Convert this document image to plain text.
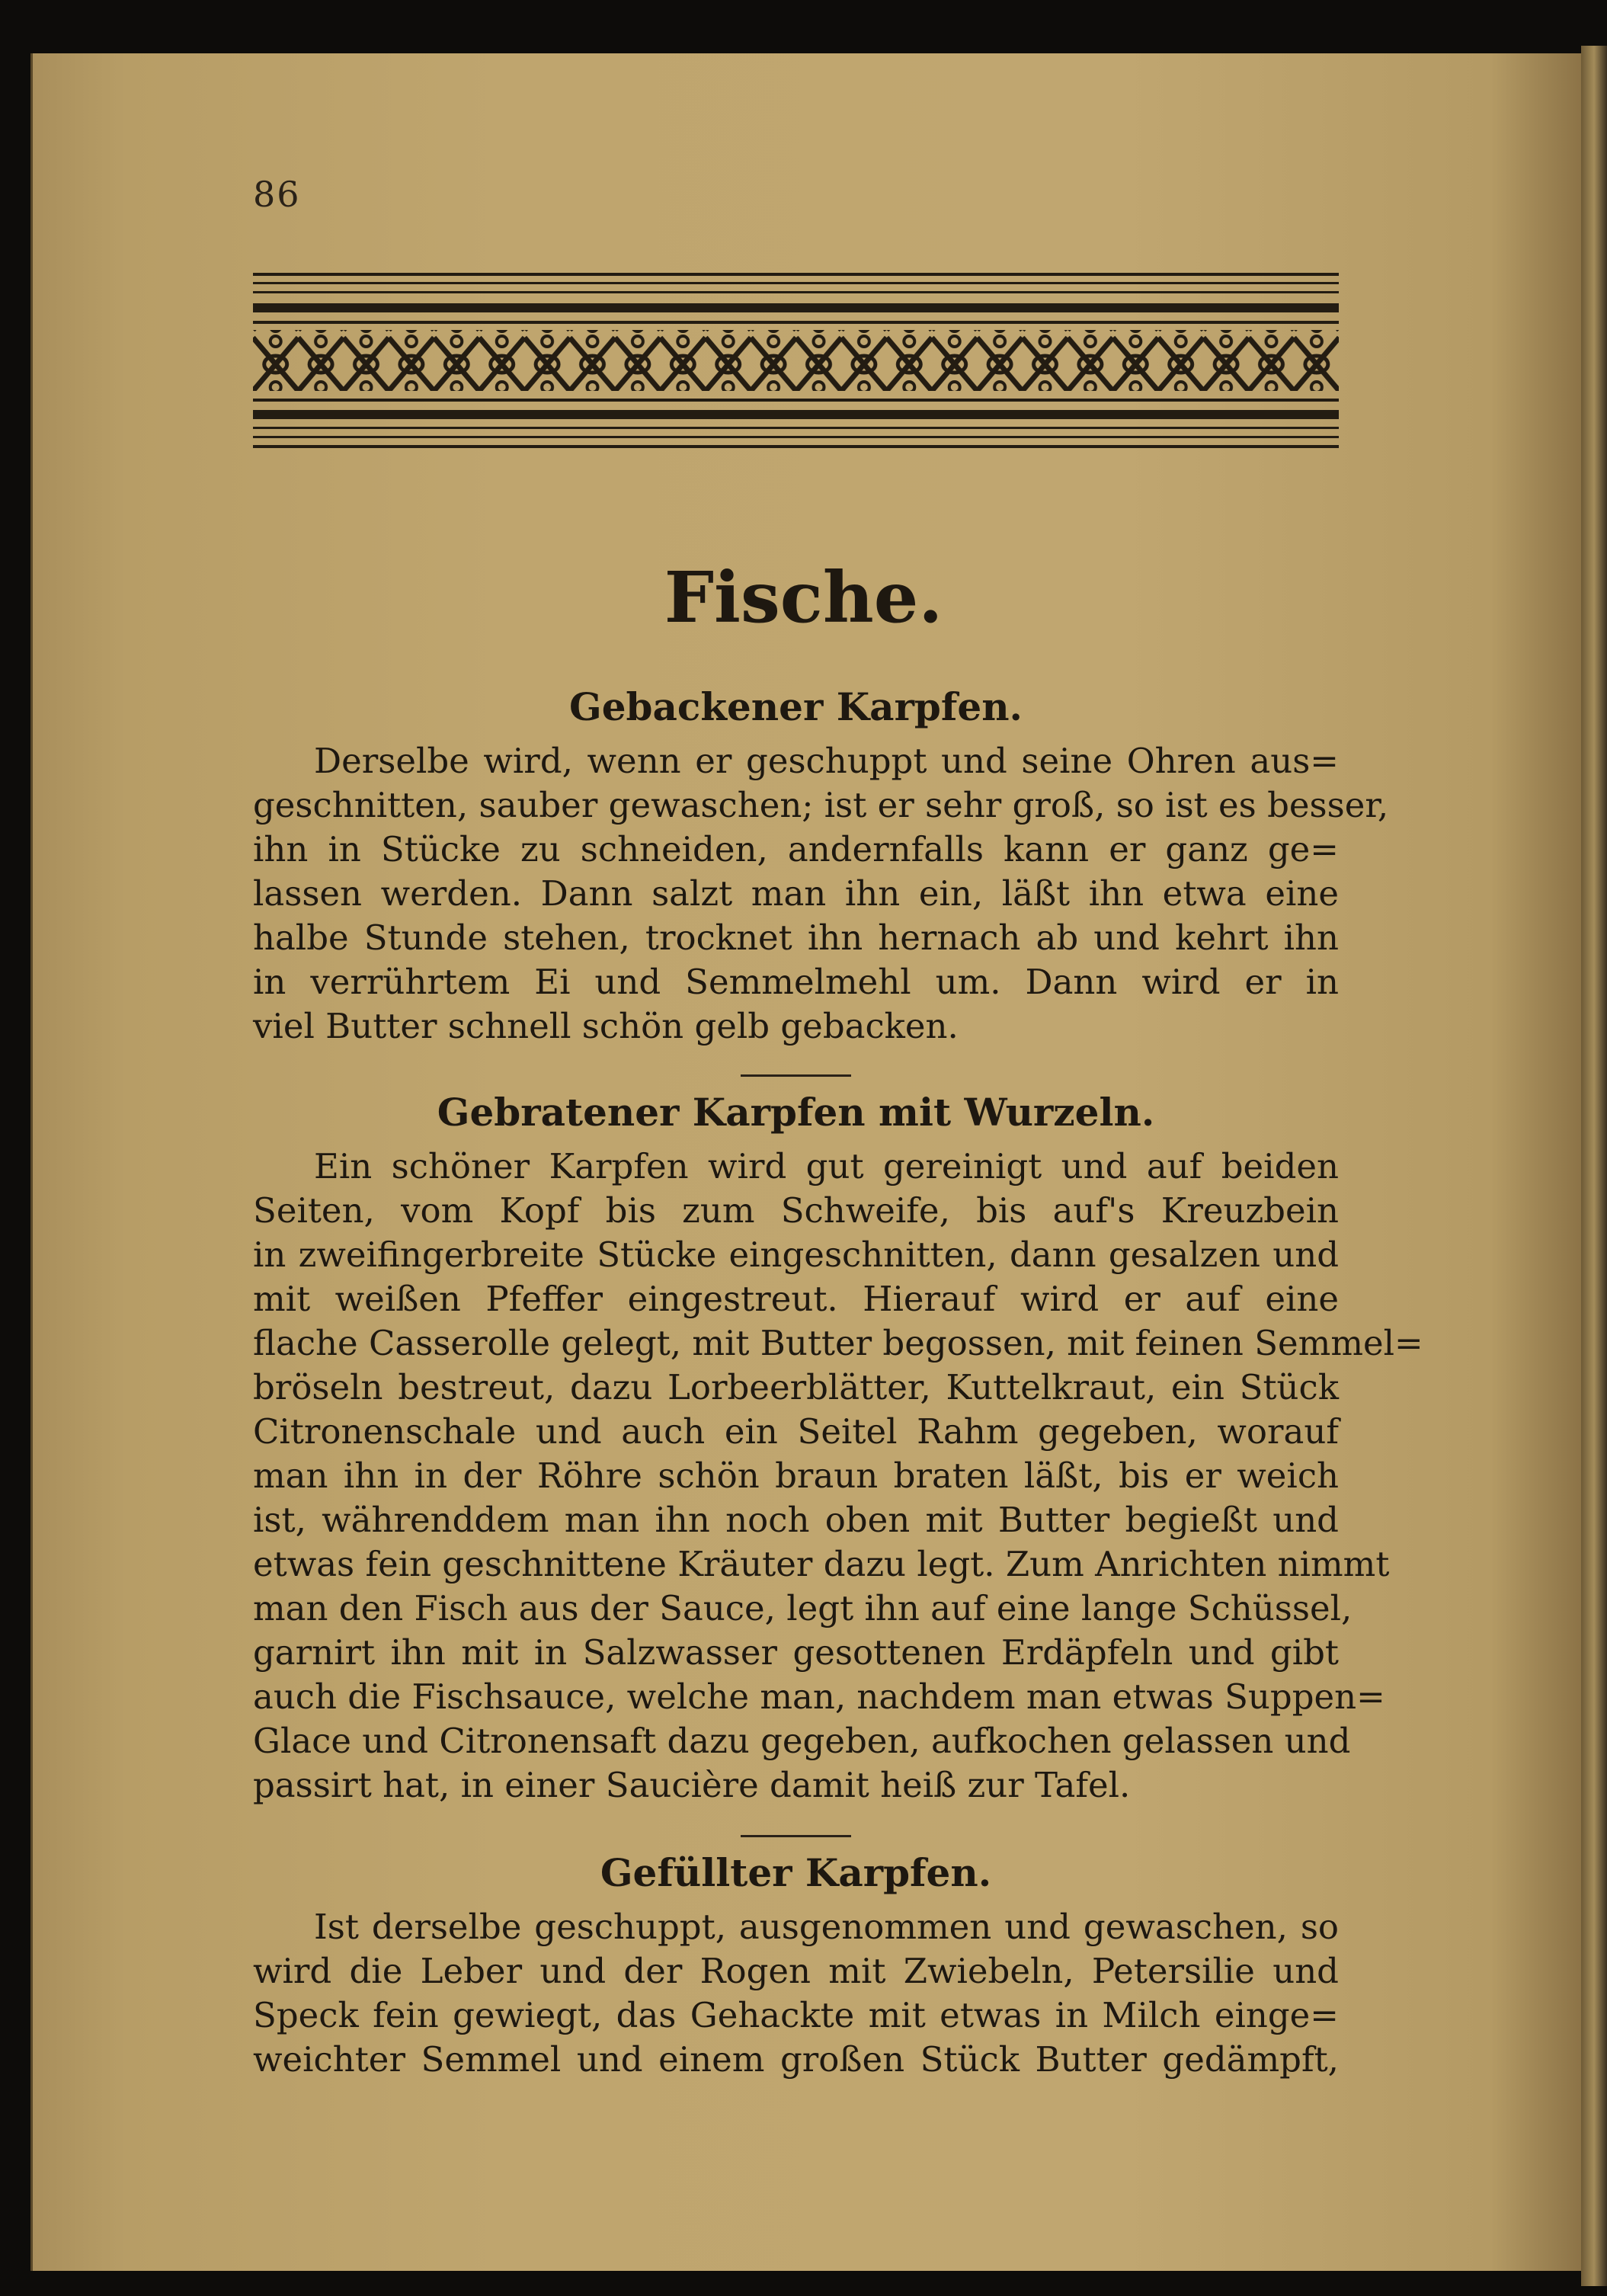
86
Fische.
Gebackener Karpfen.
Derselbe wird, wenn er geschuppt und seine Ohren aus=
geschnitten, sauber gewaschen; ist er sehr groß, so ist es besser,
ihn in Stücke zu schneiden, andernfalls kann er ganz ge=
lassen werden. Dann salzt man ihn ein, läßt ihn etwa eine
halbe Stunde stehen, trocknet ihn hernach ab und kehrt ihn
in verrührtem Ei und Semmelmehl um. Dann wird er in
viel Butter schnell schön gelb gebacken.
Gebratener Karpfen mit Wurzeln.
Ein schöner Karpfen wird gut gereinigt und auf beiden
Seiten, vom Kopf bis zum Schweife, bis auf's Kreuzbein
in zweifingerbreite Stücke eingeschnitten, dann gesalzen und
mit weißen Pfeffer eingestreut. Hierauf wird er auf eine
flache Casserolle gelegt, mit Butter begossen, mit feinen Semmel=
bröseln bestreut, dazu Lorbeerblätter, Kuttelkraut, ein Stück
Citronenschale und auch ein Seitel Rahm gegeben, worauf
man ihn in der Röhre schön braun braten läßt, bis er weich
ist, währenddem man ihn noch oben mit Butter begießt und
etwas fein geschnittene Kräuter dazu legt. Zum Anrichten nimmt
man den Fisch aus der Sauce, legt ihn auf eine lange Schüssel,
garnirt ihn mit in Salzwasser gesottenen Erdäpfeln und gibt
auch die Fischsauce, welche man, nachdem man etwas Suppen=
Glace und Citronensaft dazu gegeben, aufkochen gelassen und
passirt hat, in einer Saucière damit heiß zur Tafel.
Gefüllter Karpfen.
Ist derselbe geschuppt, ausgenommen und gewaschen, so
wird die Leber und der Rogen mit Zwiebeln, Petersilie und
Speck fein gewiegt, das Gehackte mit etwas in Milch einge=
weichter Semmel und einem großen Stück Butter gedämpft,
